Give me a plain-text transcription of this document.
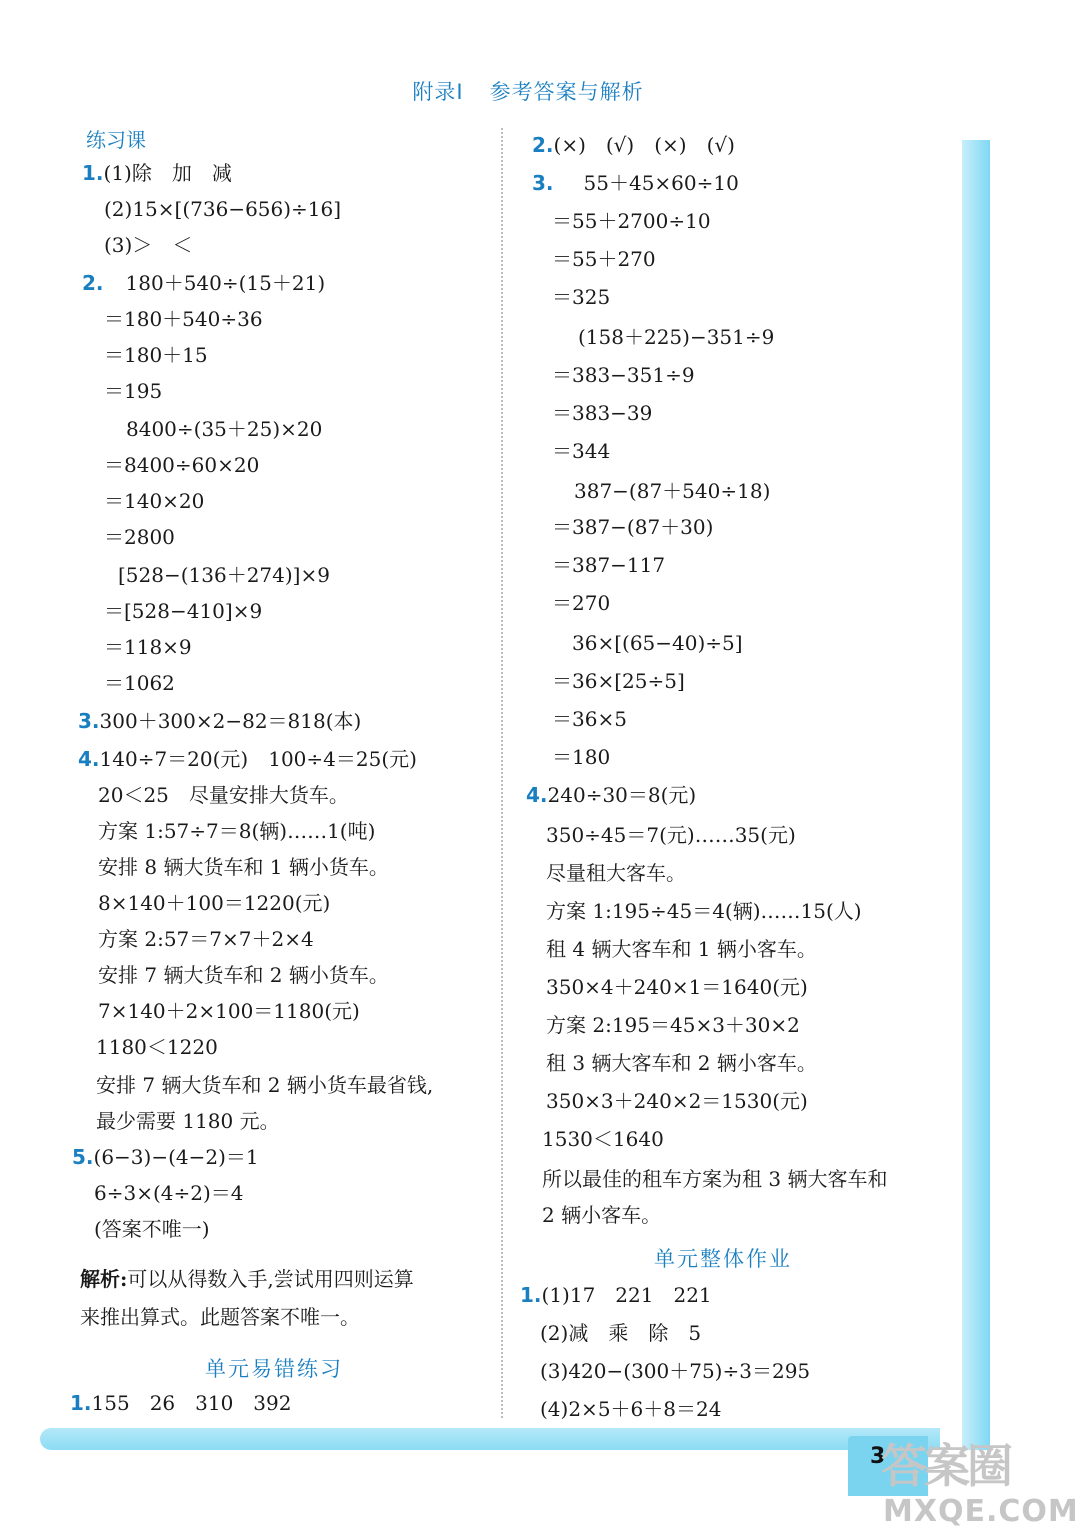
3
答案圈
MXQE.COM
附录Ⅰ 参考答案与解析
练习课
1.(1)除　加　减
(2)15×[(736−656)÷16]
(3)＞　＜
2. 180＋540÷(15＋21)
＝180＋540÷36
＝180＋15
＝195
8400÷(35＋25)×20
＝8400÷60×20
＝140×20
＝2800
[528−(136＋274)]×9
＝[528−410]×9
＝118×9
＝1062
3.300＋300×2−82＝818(本)
4.140÷7＝20(元)　100÷4＝25(元)
20＜25　尽量安排大货车。
方案 1:57÷7＝8(辆)……1(吨)
安排 8 辆大货车和 1 辆小货车。
8×140＋100＝1220(元)
方案 2:57＝7×7＋2×4
安排 7 辆大货车和 2 辆小货车。
7×140＋2×100＝1180(元)
1180＜1220
安排 7 辆大货车和 2 辆小货车最省钱,
最少需要 1180 元。
5.(6−3)−(4−2)＝1
6÷3×(4÷2)＝4
(答案不唯一)
解析:可以从得数入手,尝试用四则运算
来推出算式。此题答案不唯一。
单元易错练习
1.155　26　310　392
2.(×)　(√)　(×)　(√)
3. 55＋45×60÷10
＝55＋2700÷10
＝55＋270
＝325
(158＋225)−351÷9
＝383−351÷9
＝383−39
＝344
387−(87＋540÷18)
＝387−(87＋30)
＝387−117
＝270
36×[(65−40)÷5]
＝36×[25÷5]
＝36×5
＝180
4.240÷30＝8(元)
350÷45＝7(元)……35(元)
尽量租大客车。
方案 1:195÷45＝4(辆)……15(人)
租 4 辆大客车和 1 辆小客车。
350×4＋240×1＝1640(元)
方案 2:195＝45×3＋30×2
租 3 辆大客车和 2 辆小客车。
350×3＋240×2＝1530(元)
1530＜1640
所以最佳的租车方案为租 3 辆大客车和
2 辆小客车。
单元整体作业
1.(1)17　221　221
(2)减　乘　除　5
(3)420−(300＋75)÷3＝295
(4)2×5＋6＋8＝24
